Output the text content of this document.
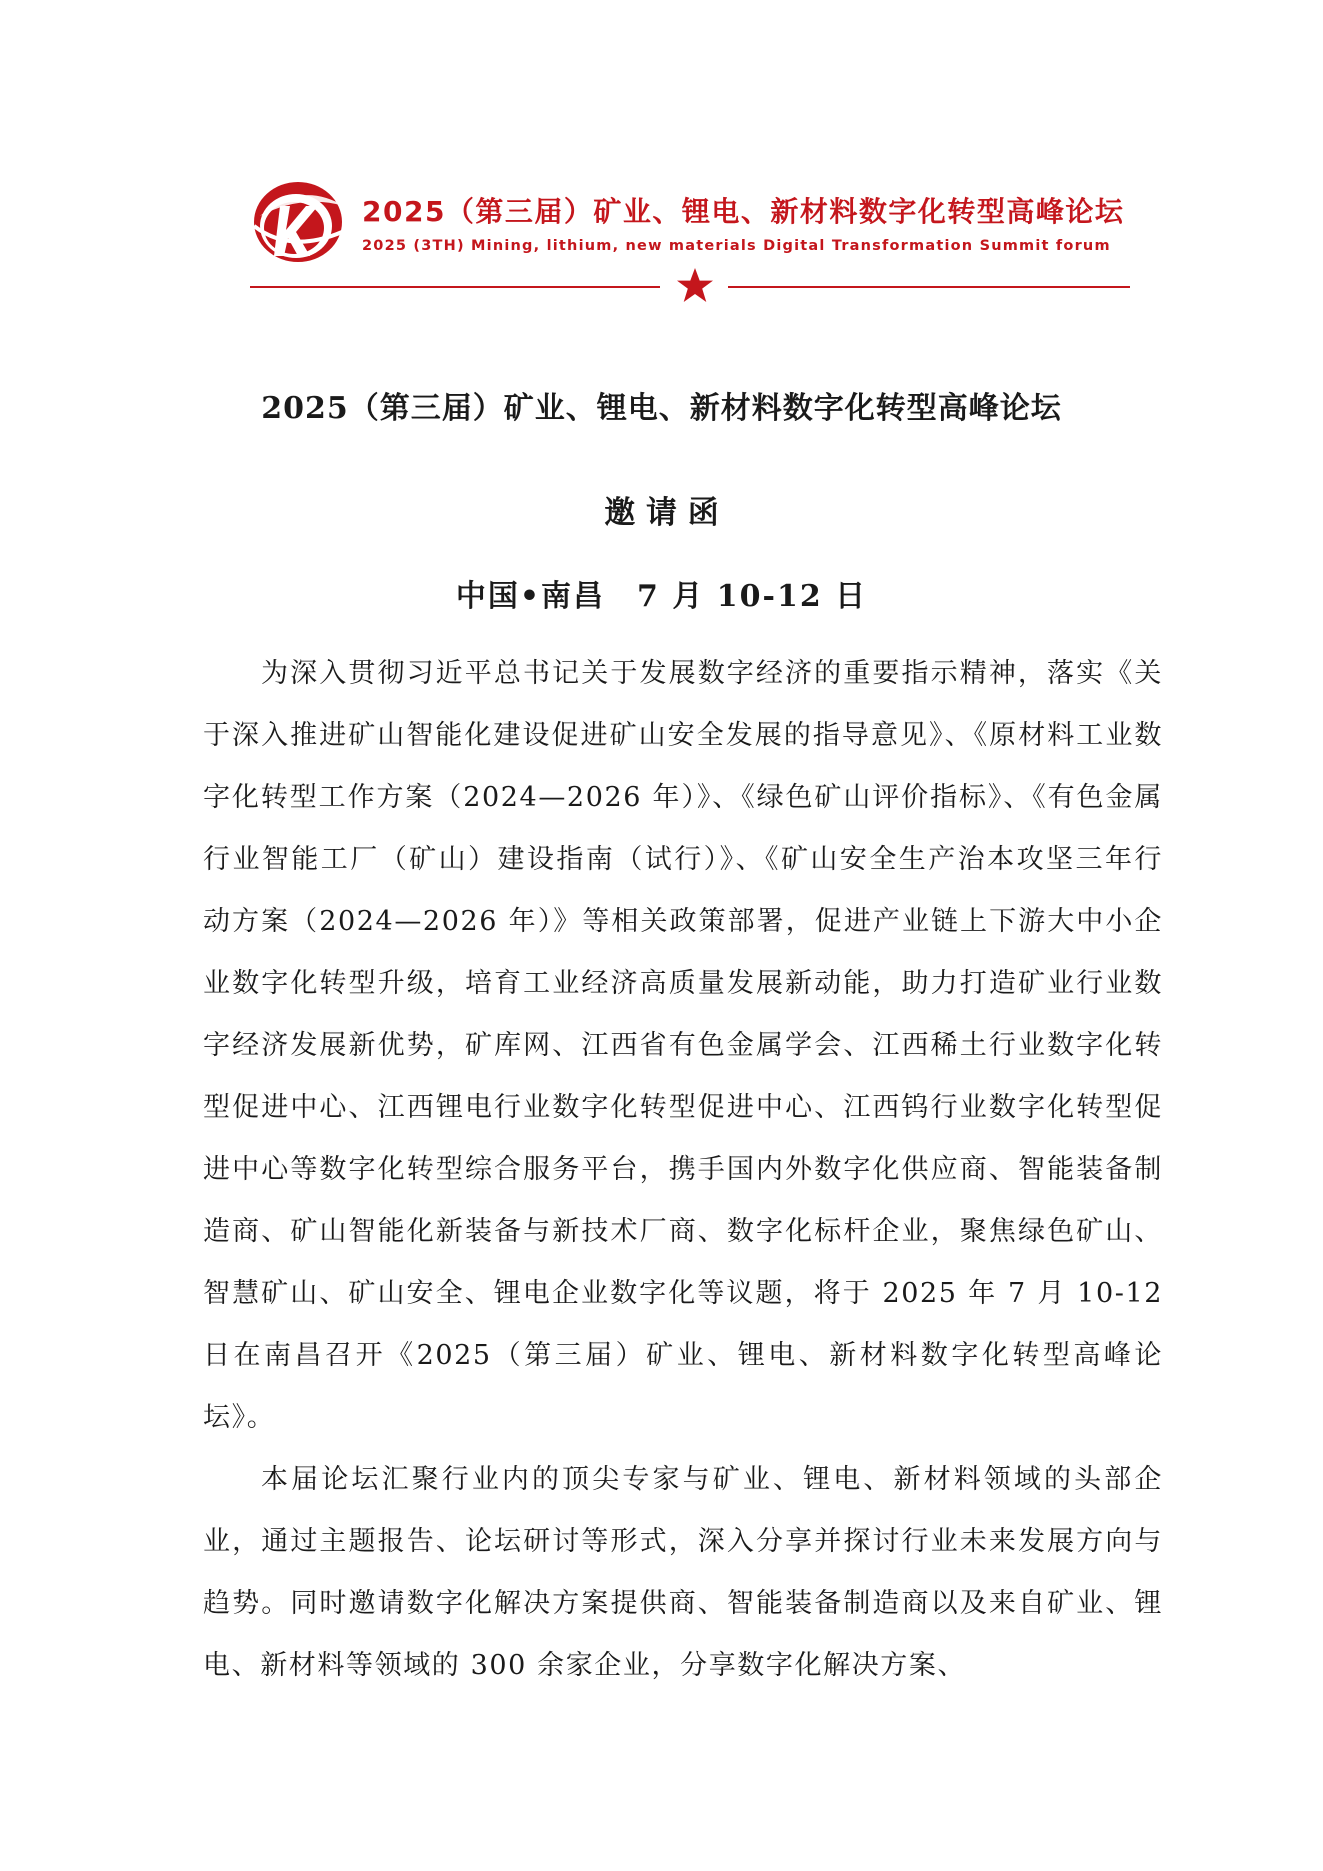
2025（第三届）矿业、锂电、新材料数字化转型高峰论坛
2025 (3TH) Mining, lithium, new materials Digital Transformation Summit forum
2025（第三届）矿业、锂电、新材料数字化转型高峰论坛
邀 请 函
中国•南昌　7 月 10-12 日

为深入贯彻习近平总书记关于发展数字经济的重要指示精神，落实《关于深入推进矿山智能化建设促进矿山安全发展的指导意见》、《原材料工业数字化转型工作方案（2024—2026 年）》、《绿色矿山评价指标》、《有色金属行业智能工厂（矿山）建设指南（试行）》、《矿山安全生产治本攻坚三年行动方案（2024—2026 年）》等相关政策部署，促进产业链上下游大中小企业数字化转型升级，培育工业经济高质量发展新动能，助力打造矿业行业数字经济发展新优势，矿库网、江西省有色金属学会、江西稀土行业数字化转型促进中心、江西锂电行业数字化转型促进中心、江西钨行业数字化转型促进中心等数字化转型综合服务平台，携手国内外数字化供应商、智能装备制造商、矿山智能化新装备与新技术厂商、数字化标杆企业，聚焦绿色矿山、智慧矿山、矿山安全、锂电企业数字化等议题，将于 2025 年 7 月 10-12 日在南昌召开《2025（第三届）矿业、锂电、新材料数字化转型高峰论坛》。

本届论坛汇聚行业内的顶尖专家与矿业、锂电、新材料领域的头部企业，通过主题报告、论坛研讨等形式，深入分享并探讨行业未来发展方向与趋势。同时邀请数字化解决方案提供商、智能装备制造商以及来自矿业、锂电、新材料等领域的 300 余家企业，分享数字化解决方案、
